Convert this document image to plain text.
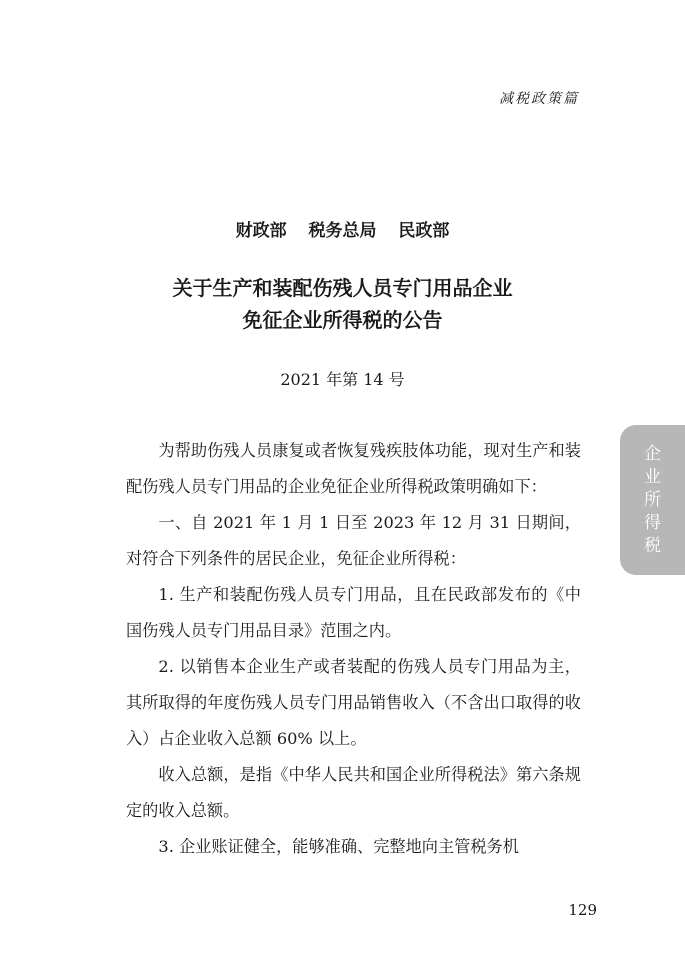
减税政策篇
财政部 税务总局 民政部
关于生产和装配伤残人员专门用品企业
免征企业所得税的公告
2021 年第 14 号

为帮助伤残人员康复或者恢复残疾肢体功能，现对生产和装配伤残人员专门用品的企业免征企业所得税政策明确如下：

一、自 2021 年 1 月 1 日至 2023 年 12 月 31 日期间，对符合下列条件的居民企业，免征企业所得税：

1. 生产和装配伤残人员专门用品，且在民政部发布的《中国伤残人员专门用品目录》范围之内。

2. 以销售本企业生产或者装配的伤残人员专门用品为主，其所取得的年度伤残人员专门用品销售收入（不含出口取得的收入）占企业收入总额 60% 以上。

收入总额，是指《中华人民共和国企业所得税法》第六条规定的收入总额。

3. 企业账证健全，能够准确、完整地向主管税务机

企
业
所
得
税
129
